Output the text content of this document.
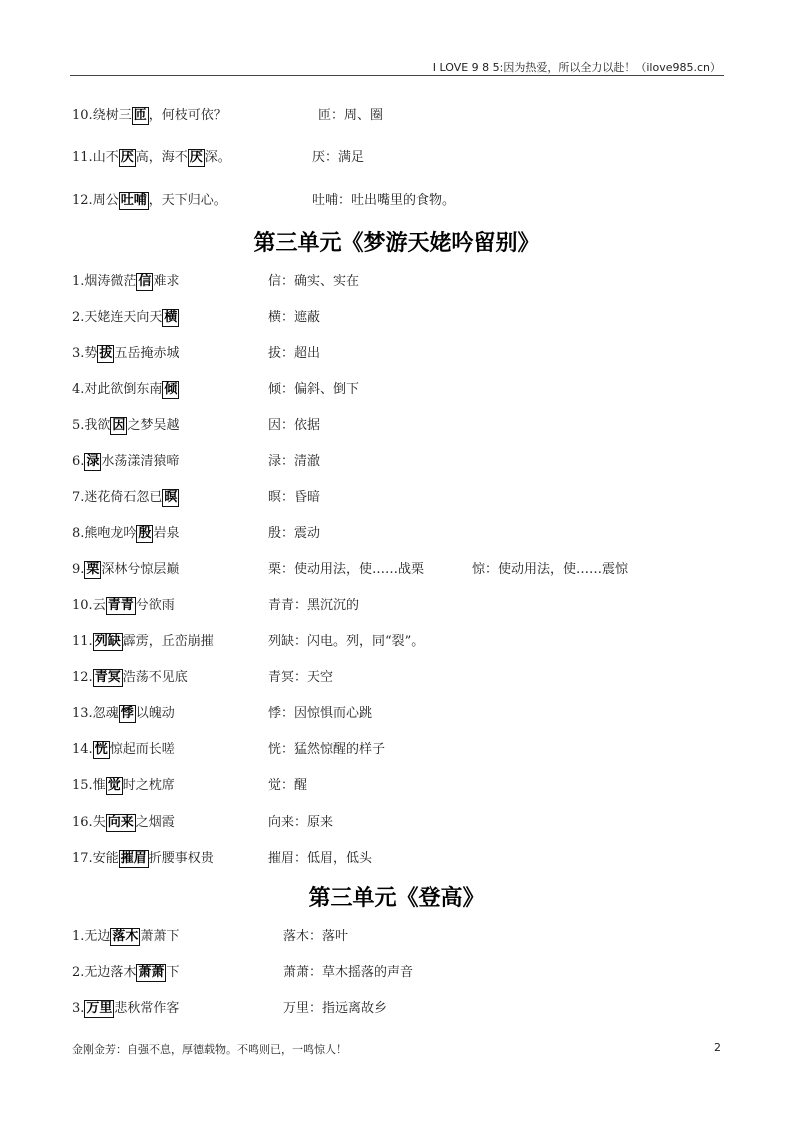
I LOVE 9 8 5:因为热爱，所以全力以赴！（ilove985.cn）
10.绕树三 匝 ，何枝可依？	匝：周、圈
11.山不 厌 高，海不 厌 深。	厌：满足
12.周公 吐哺 ，天下归心。	吐哺：吐出嘴里的食物。
第三单元《梦游天姥吟留别》
1.烟涛微茫 信 难求	信：确实、实在
2.天姥连天向天 横	横：遮蔽
3.势 拔 五岳掩赤城	拔：超出
4.对此欲倒东南 倾	倾：偏斜、倒下
5.我欲 因 之梦吴越	因：依据
6. 渌 水荡漾清猿啼	渌：清澈
7.迷花倚石忽已 暝	暝：昏暗
8.熊咆龙吟 殷 岩泉	殷：震动
9. 栗 深林兮惊层巅	栗：使动用法，使……战栗	惊：使动用法，使……震惊
10.云 青青 兮欲雨	青青：黑沉沉的
11. 列缺 霹雳，丘峦崩摧	列缺：闪电。列，同“裂”。
12. 青冥 浩荡不见底	青冥：天空
13.忽魂 悸 以魄动	悸：因惊惧而心跳
14. 恍 惊起而长嗟	恍：猛然惊醒的样子
15.惟 觉 时之枕席	觉：醒
16.失 向来 之烟霞	向来：原来
17.安能 摧眉 折腰事权贵	摧眉：低眉，低头
第三单元《登高》
1.无边 落木 萧萧下	落木：落叶
2.无边落木 萧萧 下	萧萧：草木摇落的声音
3. 万里 悲秋常作客	万里：指远离故乡
金刚金芳：自强不息，厚德载物。不鸣则已，一鸣惊人！	2
